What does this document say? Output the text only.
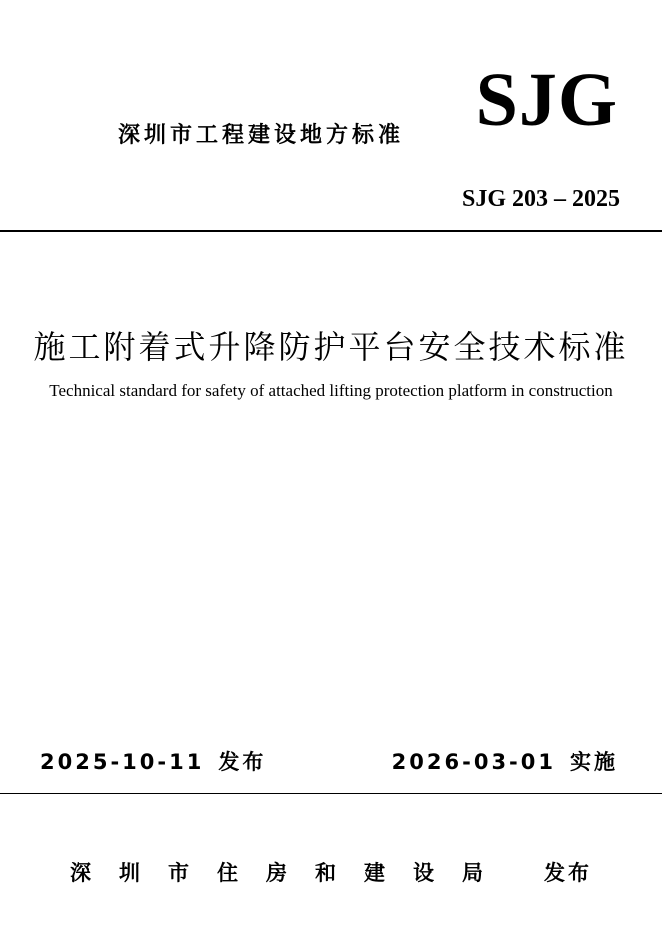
深圳市工程建设地方标准 SJG
SJG 203 – 2025
施工附着式升降防护平台安全技术标准
Technical standard for safety of attached lifting protection platform in construction
2025-10-11 发布	2026-03-01 实施
深圳市住房和建设局 发布
